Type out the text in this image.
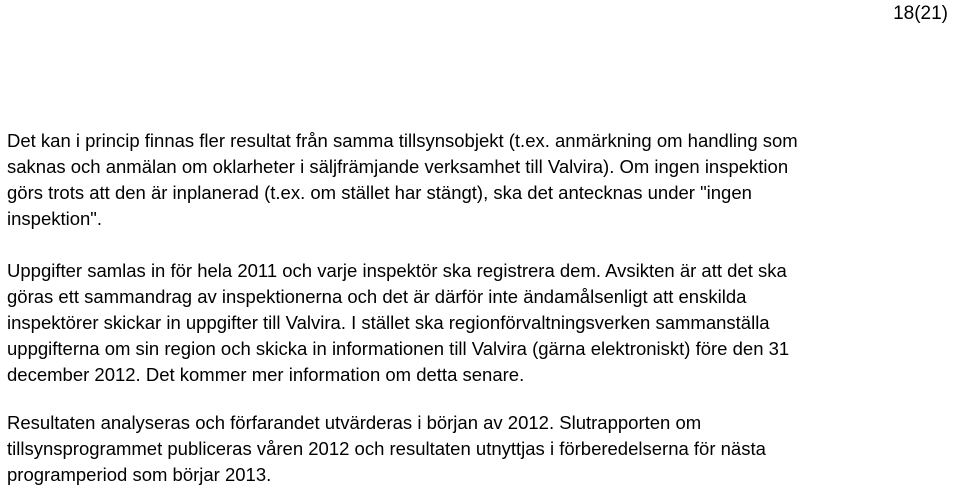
18(21)

Det kan i princip finnas fler resultat från samma tillsynsobjekt (t.ex. anmärkning om handling som
saknas och anmälan om oklarheter i säljfrämjande verksamhet till Valvira). Om ingen inspektion
görs trots att den är inplanerad (t.ex. om stället har stängt), ska det antecknas under "ingen
inspektion".

Uppgifter samlas in för hela 2011 och varje inspektör ska registrera dem. Avsikten är att det ska
göras ett sammandrag av inspektionerna och det är därför inte ändamålsenligt att enskilda
inspektörer skickar in uppgifter till Valvira. I stället ska regionförvaltningsverken sammanställa
uppgifterna om sin region och skicka in informationen till Valvira (gärna elektroniskt) före den 31
december 2012. Det kommer mer information om detta senare.

Resultaten analyseras och förfarandet utvärderas i början av 2012. Slutrapporten om
tillsynsprogrammet publiceras våren 2012 och resultaten utnyttjas i förberedelserna för nästa
programperiod som börjar 2013.
